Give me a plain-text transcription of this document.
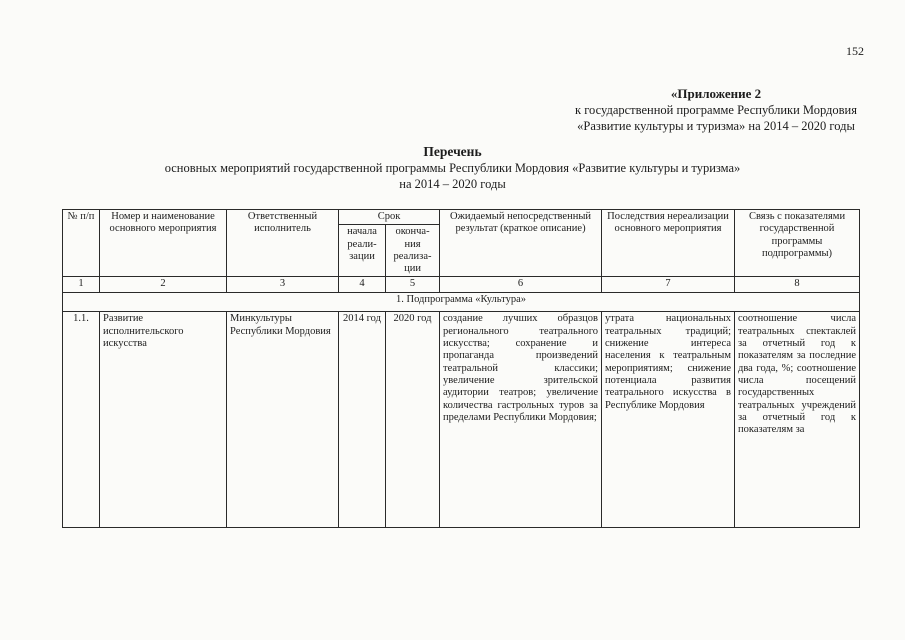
152
«Приложение 2
к государственной программе Республики Мордовия
«Развитие культуры и туризма» на 2014 – 2020 годы
Перечень
основных мероприятий государственной программы Республики Мордовия «Развитие культуры и туризма»
на 2014 – 2020 годы
№ п/п	Номер и наименование основного мероприятия	Ответственный исполнитель	Срок		Ожидаемый непосредственный результат (краткое описание)	Последствия нереализации основного мероприятия	Связь с показателями государственной программы подпрограммы)
			начала реали-зации	оконча-ния реализа-ции			
1	2	3	4	5	6	7	8
1. Подпрограмма «Культура»							
1.1.	Развитие исполнительского искусства	Минкультуры Республики Мордовия	2014 год	2020 год	создание лучших образцов регионального театрального искусства; сохранение и пропаганда произведений театральной классики; увеличение зрительской аудитории театров; увеличение количества гастрольных туров за пределами Республики Мордовия;	утрата национальных театральных традиций; снижение интереса населения к театральным мероприятиям; снижение потенциала развития театрального искусства в Республике Мордовия	соотношение числа театральных спектаклей за отчетный год к показателям за последние два года, %; соотношение числа посещений государственных театральных учреждений за отчетный год к показателям за
